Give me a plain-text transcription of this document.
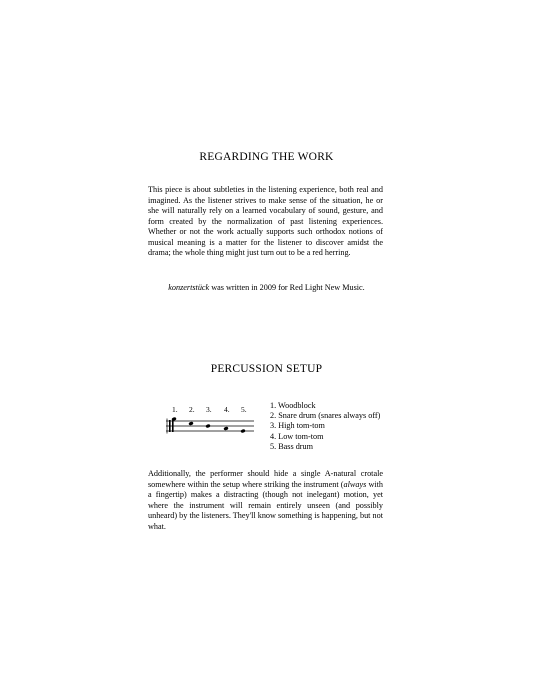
REGARDING THE WORK
This piece is about subtleties in the listening experience, both real and imagined. As the listener strives to make sense of the situation, he or she will naturally rely on a learned vocabulary of sound, gesture, and form created by the normalization of past listening experiences. Whether or not the work actually supports such orthodox notions of musical meaning is a matter for the listener to discover amidst the drama; the whole thing might just turn out to be a red herring.
konzertstück was written in 2009 for Red Light New Music.
PERCUSSION SETUP
1. 2. 3. 4. 5.	1. Woodblock
2. Snare drum (snares always off)
3. High tom-tom
4. Low tom-tom
5. Bass drum
Additionally, the performer should hide a single A-natural crotale somewhere within the setup where striking the instrument (always with a fingertip) makes a distracting (though not inelegant) motion, yet where the instrument will remain entirely unseen (and possibly unheard) by the listeners. They'll know something is happening, but not what.
